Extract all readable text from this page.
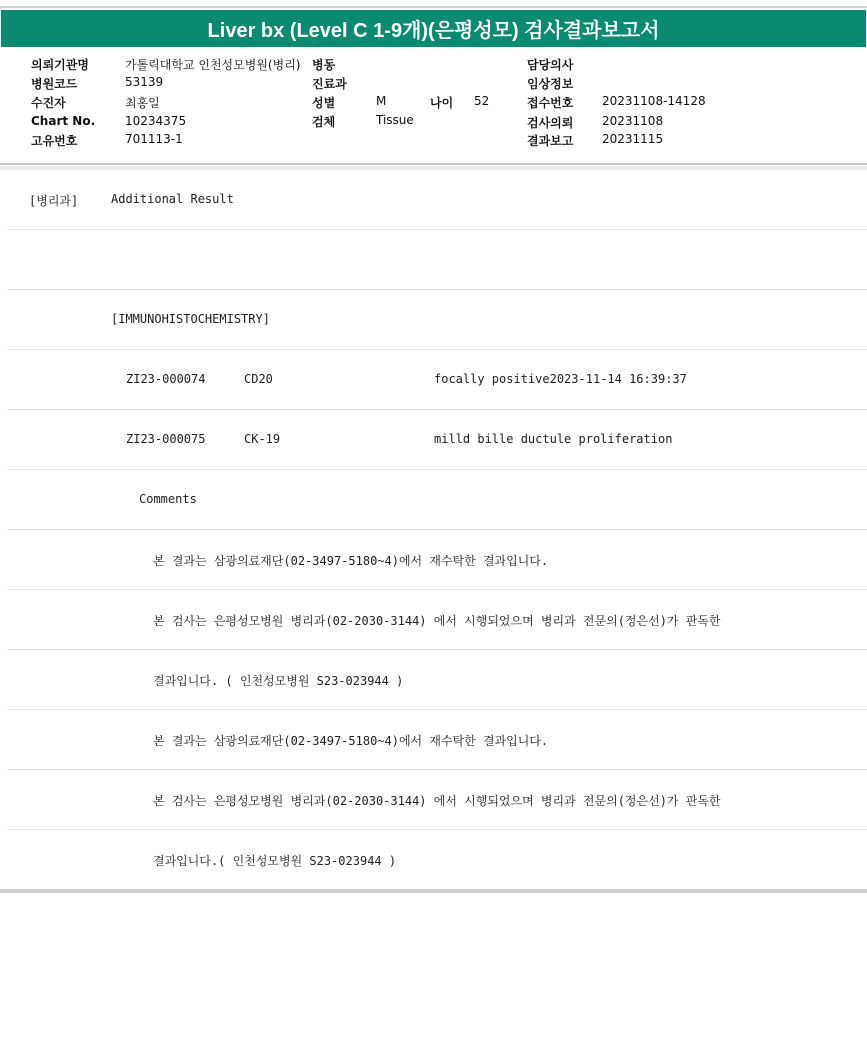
Liver bx (Level C 1-9개)(은평성모) 검사결과보고서
의뢰기관명	가톨릭대학교 인천성모병원(병리)
병원코드	53139
수진자	최홍일
Chart No. 10234375
고유번호	701113-1
병동
진료과
성별	M	나이 52
검체	Tissue
담당의사
임상정보
접수번호 20231108-14128
검사의뢰 20231108
결과보고 20231115
[병리과]	Additional Result
[IMMUNOHISTOCHEMISTRY]
ZI23-000074	CD20	focally positive2023-11-14 16:39:37
ZI23-000075	CK-19	milld bille ductule proliferation
Comments
본 결과는 삼광의료재단(02-3497-5180~4)에서 재수탁한 결과입니다.
본 검사는 은평성모병원 병리과(02-2030-3144) 에서 시행되었으며 병리과 전문의(정은선)가 판독한
결과입니다. ( 인천성모병원 S23-023944 )
본 결과는 삼광의료재단(02-3497-5180~4)에서 재수탁한 결과입니다.
본 검사는 은평성모병원 병리과(02-2030-3144) 에서 시행되었으며 병리과 전문의(정은선)가 판독한
결과입니다.( 인천성모병원 S23-023944 )
